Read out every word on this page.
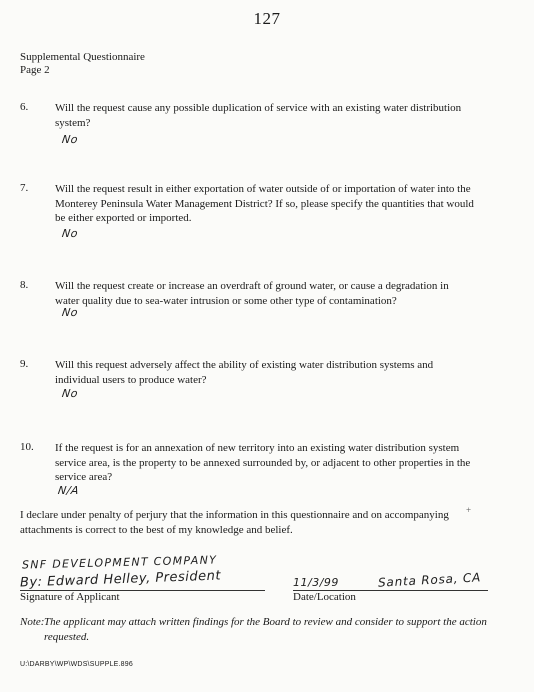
127
Supplemental Questionnaire
Page 2
6. Will the request cause any possible duplication of service with an existing water distribution system?
No
7. Will the request result in either exportation of water outside of or importation of water into the Monterey Peninsula Water Management District? If so, please specify the quantities that would be either exported or imported.
No
8. Will the request create or increase an overdraft of ground water, or cause a degradation in water quality due to sea-water intrusion or some other type of contamination?
No
9. Will this request adversely affect the ability of existing water distribution systems and individual users to produce water?
No
10. If the request is for an annexation of new territory into an existing water distribution system service area, is the property to be annexed surrounded by, or adjacent to other properties in the service area?
N/A
I declare under penalty of perjury that the information in this questionnaire and on accompanying attachments is correct to the best of my knowledge and belief.
+
SNF DEVELOPMENT COMPANY
By: Edward Helley, President	11/3/99	Santa Rosa, CA
Signature of Applicant	Date/Location
Note: The applicant may attach written findings for the Board to review and consider to support the action requested.
U:\DARBY\WP\WDS\SUPPLE.896
